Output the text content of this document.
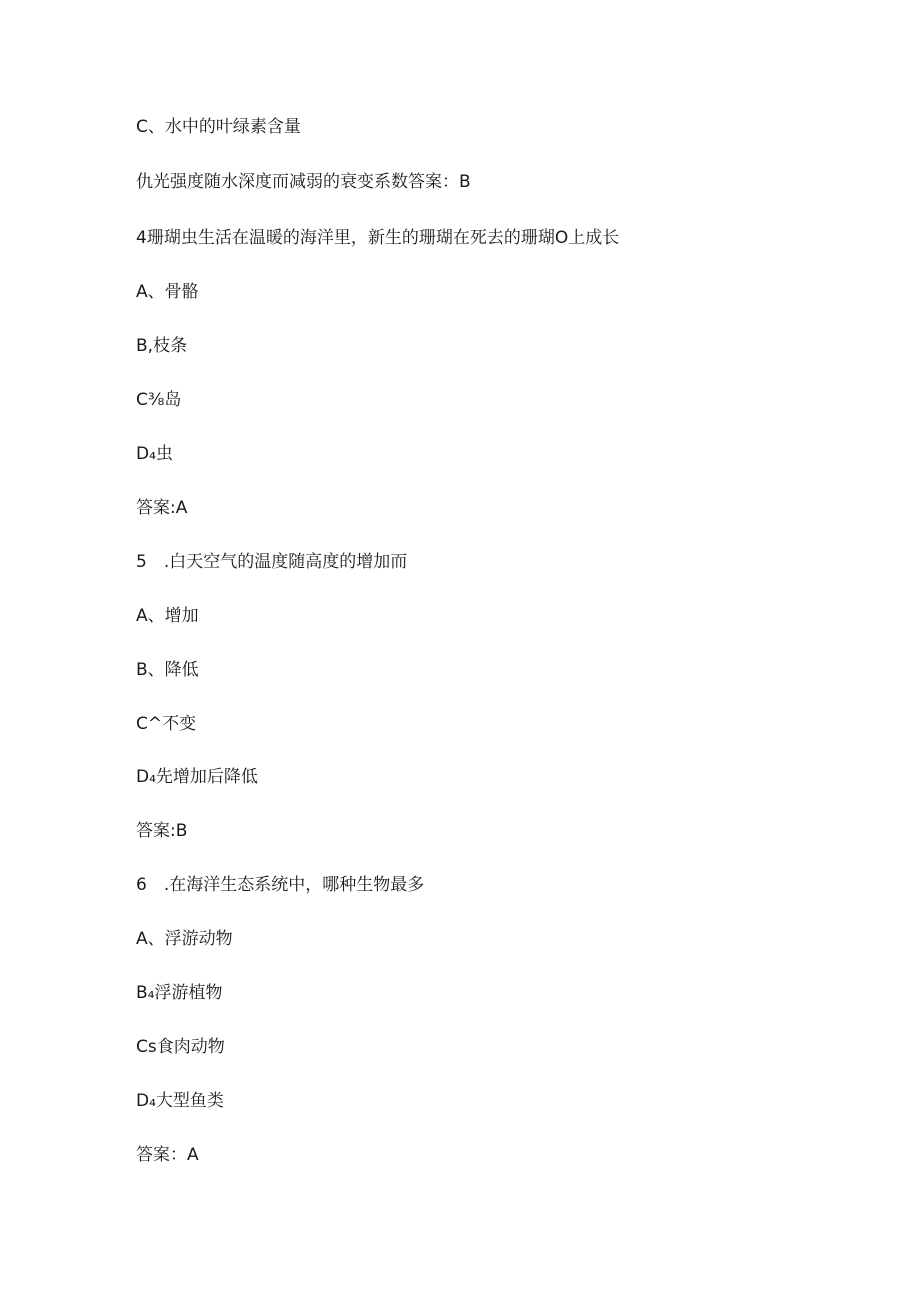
C、水中的叶绿素含量

仇光强度随水深度而减弱的衰变系数答案：B

4珊瑚虫生活在温暖的海洋里，新生的珊瑚在死去的珊瑚O上成长

A、骨骼

B,枝条

C⅜岛

D₄虫

答案:A

5　.白天空气的温度随高度的增加而

A、增加

B、降低

C^不变

D₄先增加后降低

答案:B

6　.在海洋生态系统中，哪种生物最多

A、浮游动物

B₄浮游植物

Cs食肉动物

D₄大型鱼类

答案：A
